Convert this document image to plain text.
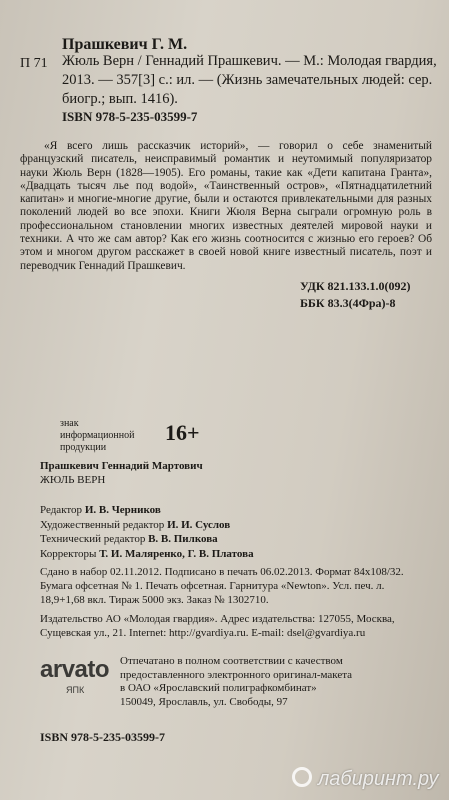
Прашкевич Г. М.
П 71 Жюль Верн / Геннадий Прашкевич. — М.: Молодая гвардия, 2013. — 357[3] с.: ил. — (Жизнь замечательных людей: сер. биогр.; вып. 1416).
ISBN 978-5-235-03599-7
«Я всего лишь рассказчик историй», — говорил о себе знаменитый французский писатель, неисправимый романтик и неутомимый популяризатор науки Жюль Верн (1828—1905). Его романы, такие как «Дети капитана Гранта», «Двадцать тысяч лье под водой», «Таинственный остров», «Пятнадцатилетний капитан» и многие-многие другие, были и остаются привлекательными для разных поколений людей во все эпохи. Книги Жюля Верна сыграли огромную роль в профессиональном становлении многих известных деятелей мировой науки и техники. А что же сам автор? Как его жизнь соотносится с жизнью его героев? Об этом и многом другом расскажет в своей новой книге известный писатель, поэт и переводчик Геннадий Прашкевич.
УДК 821.133.1.0(092)
ББК 83.3(4Фра)-8
знак информационной продукции
16+
Прашкевич Геннадий Мартович
ЖЮЛЬ ВЕРН
Редактор И. В. Черников
Художественный редактор И. И. Суслов
Технический редактор В. В. Пилкова
Корректоры Т. И. Маляренко, Г. В. Платова
Сдано в набор 02.11.2012. Подписано в печать 06.02.2013. Формат 84x108/32.
Бумага офсетная № 1. Печать офсетная. Гарнитура «Newton». Усл. печ. л.
18,9+1,68 вкл. Тираж 5000 экз. Заказ № 1302710.
Издательство АО «Молодая гвардия». Адрес издательства: 127055, Москва,
Сущевская ул., 21. Internet: http://gvardiya.ru. E-mail: dsel@gvardiya.ru
arvato
ЯПК
Отпечатано в полном соответствии с качеством
предоставленного электронного оригинал-макета
в ОАО «Ярославский полиграфкомбинат»
150049, Ярославль, ул. Свободы, 97
ISBN 978-5-235-03599-7
лабиринт.ру
